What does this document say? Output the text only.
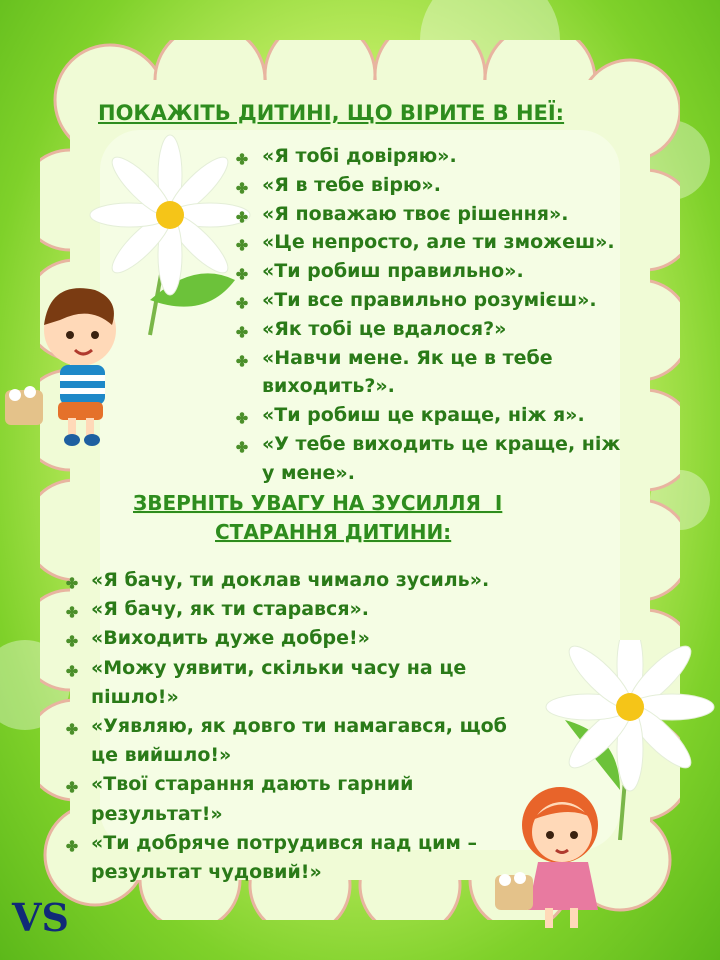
ПОКАЖІТЬ ДИТИНІ, ЩО ВІРИТЕ В НЕЇ:
«Я тобі довіряю».
«Я в тебе вірю».
«Я поважаю твоє рішення».
«Це непросто, але ти зможеш».
«Ти робиш правильно».
«Ти все правильно розумієш».
«Як тобі це вдалося?»
«Навчи мене. Як це в тебе
виходить?».
«Ти робиш це краще, ніж я».
«У тебе виходить це краще, ніж
у мене».
ЗВЕРНІТЬ УВАГУ НА ЗУСИЛЛЯ  І
СТАРАННЯ ДИТИНИ:
«Я бачу, ти доклав чимало зусиль».
«Я бачу, як ти старався».
«Виходить дуже добре!»
«Можу уявити, скільки часу на це
пішло!»
«Уявляю, як довго ти намагався, щоб
це вийшло!»
«Твої старання дають гарний
результат!»
«Ти добряче потрудився над цим –
результат чудовий!»
VS
